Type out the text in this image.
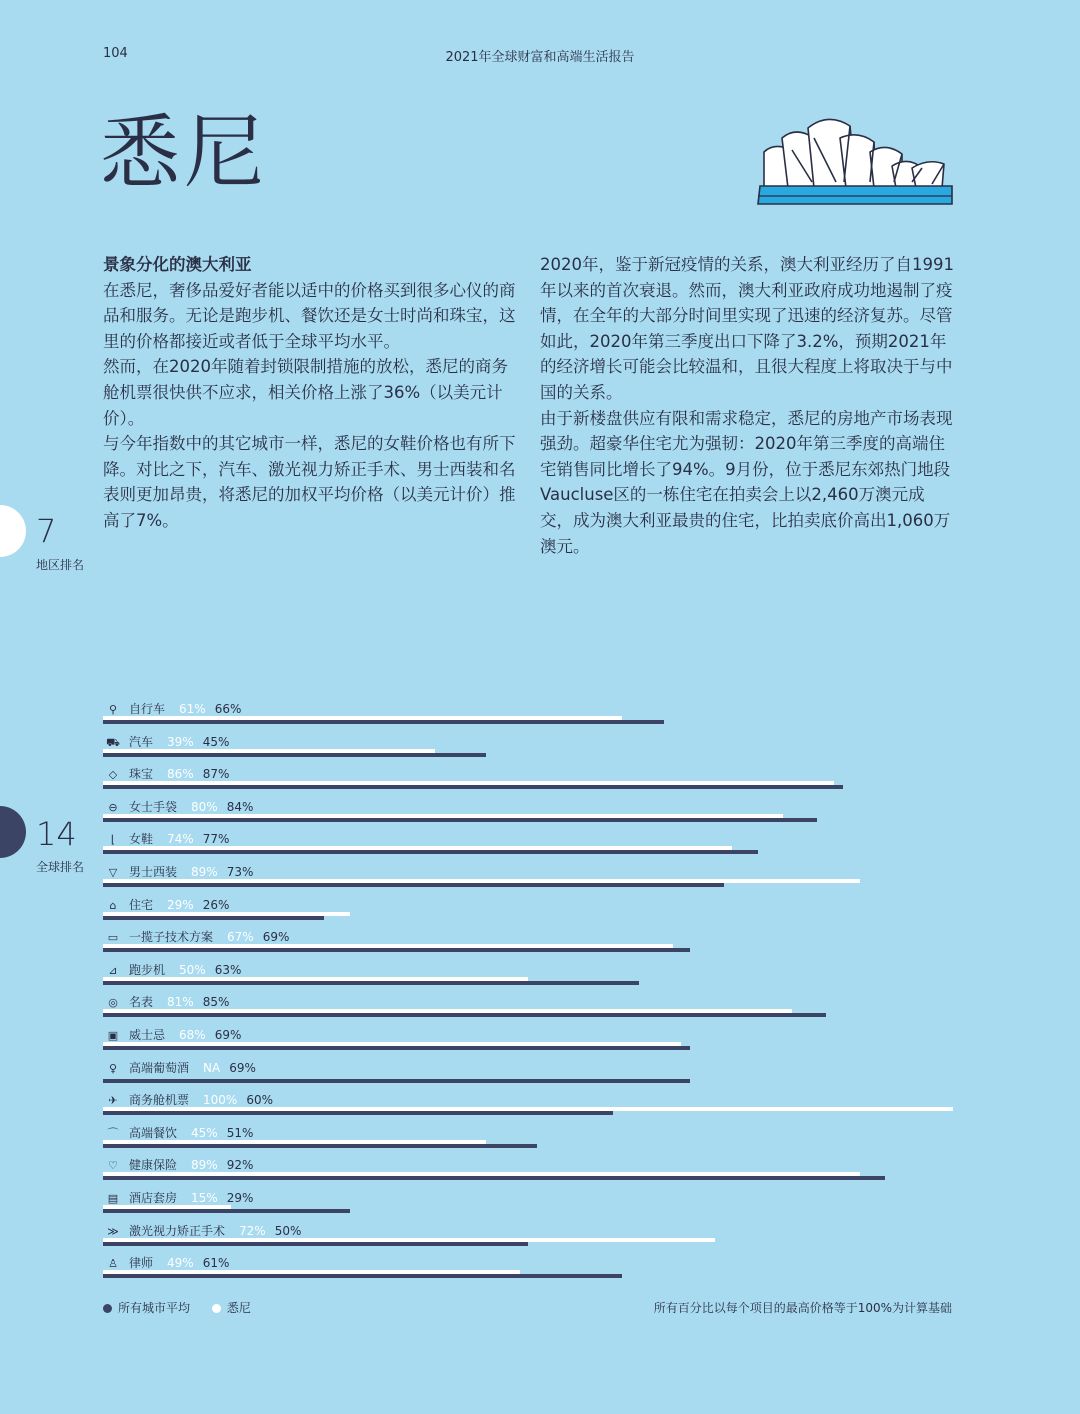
104	2021年全球财富和高端生活报告
悉尼
景象分化的澳大利亚

在悉尼，奢侈品爱好者能以适中的价格买到很多心仪的商品和服务。无论是跑步机、餐饮还是女士时尚和珠宝，这里的价格都接近或者低于全球平均水平。

然而，在2020年随着封锁限制措施的放松，悉尼的商务舱机票很快供不应求，相关价格上涨了36%（以美元计价）。

与今年指数中的其它城市一样，悉尼的女鞋价格也有所下降。对比之下，汽车、激光视力矫正手术、男士西装和名表则更加昂贵，将悉尼的加权平均价格（以美元计价）推高了7%。

2020年，鉴于新冠疫情的关系，澳大利亚经历了自1991年以来的首次衰退。然而，澳大利亚政府成功地遏制了疫情，在全年的大部分时间里实现了迅速的经济复苏。尽管如此，2020年第三季度出口下降了3.2%，预期2021年的经济增长可能会比较温和，且很大程度上将取决于与中国的关系。

由于新楼盘供应有限和需求稳定，悉尼的房地产市场表现强劲。超豪华住宅尤为强韧：2020年第三季度的高端住宅销售同比增长了94%。9月份，位于悉尼东郊热门地段Vaucluse区的一栋住宅在拍卖会上以2,460万澳元成交，成为澳大利亚最贵的住宅，比拍卖底价高出1,060万澳元。

7
地区排名
14
全球排名
⚲ 自行车 61% 66%
⛟ 汽车 39% 45%
◇ 珠宝 86% 87%
⊖ 女士手袋 80% 84%
⌊ 女鞋 74% 77%
▽ 男士西装 89% 73%
⌂ 住宅 29% 26%
▭ 一揽子技术方案 67% 69%
⊿ 跑步机 50% 63%
◎ 名表 81% 85%
▣ 威士忌 68% 69%
♀ 高端葡萄酒 NA 69%
✈ 商务舱机票 100% 60%
⌒ 高端餐饮 45% 51%
♡ 健康保险 89% 92%
▤ 酒店套房 15% 29%
≫ 激光视力矫正手术 72% 50%
♙ 律师 49% 61%
所有城市平均	悉尼	所有百分比以每个项目的最高价格等于100%为计算基础
